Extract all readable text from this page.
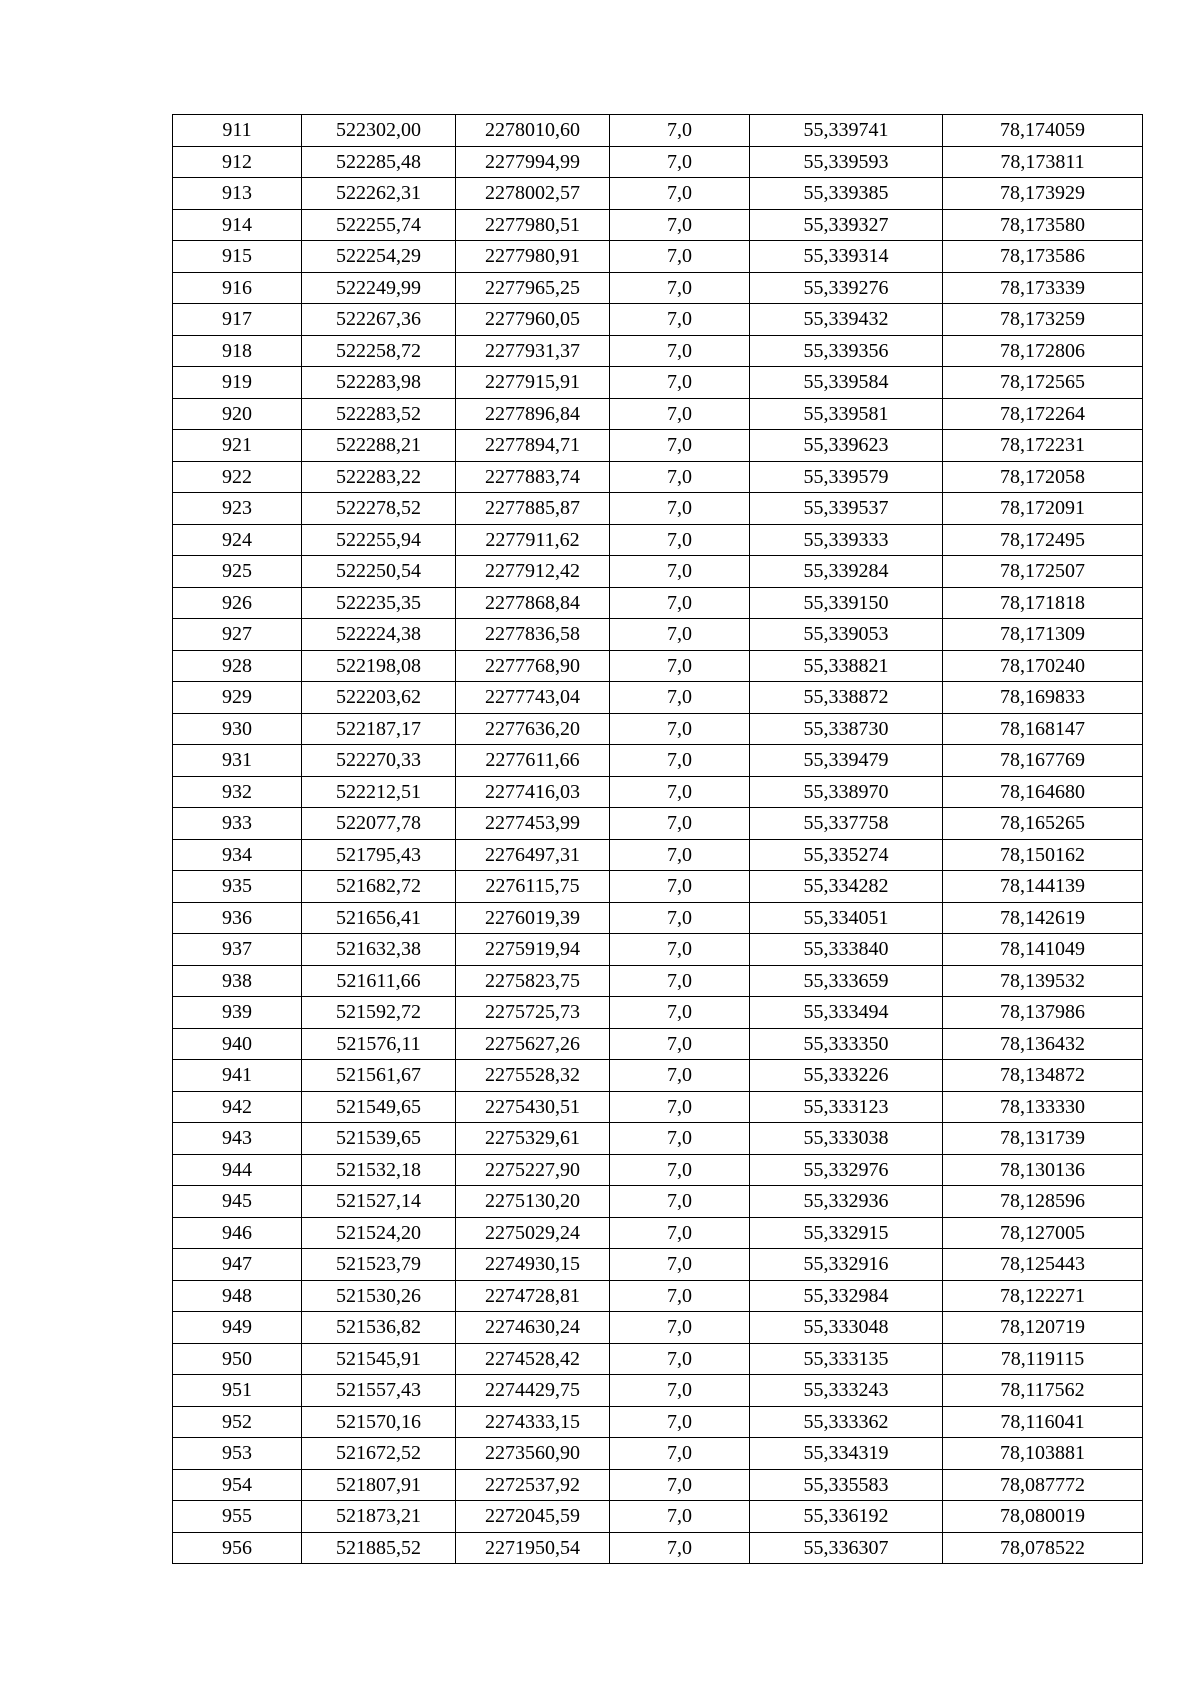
911	522302,00	2278010,60	7,0	55,339741	78,174059
912	522285,48	2277994,99	7,0	55,339593	78,173811
913	522262,31	2278002,57	7,0	55,339385	78,173929
914	522255,74	2277980,51	7,0	55,339327	78,173580
915	522254,29	2277980,91	7,0	55,339314	78,173586
916	522249,99	2277965,25	7,0	55,339276	78,173339
917	522267,36	2277960,05	7,0	55,339432	78,173259
918	522258,72	2277931,37	7,0	55,339356	78,172806
919	522283,98	2277915,91	7,0	55,339584	78,172565
920	522283,52	2277896,84	7,0	55,339581	78,172264
921	522288,21	2277894,71	7,0	55,339623	78,172231
922	522283,22	2277883,74	7,0	55,339579	78,172058
923	522278,52	2277885,87	7,0	55,339537	78,172091
924	522255,94	2277911,62	7,0	55,339333	78,172495
925	522250,54	2277912,42	7,0	55,339284	78,172507
926	522235,35	2277868,84	7,0	55,339150	78,171818
927	522224,38	2277836,58	7,0	55,339053	78,171309
928	522198,08	2277768,90	7,0	55,338821	78,170240
929	522203,62	2277743,04	7,0	55,338872	78,169833
930	522187,17	2277636,20	7,0	55,338730	78,168147
931	522270,33	2277611,66	7,0	55,339479	78,167769
932	522212,51	2277416,03	7,0	55,338970	78,164680
933	522077,78	2277453,99	7,0	55,337758	78,165265
934	521795,43	2276497,31	7,0	55,335274	78,150162
935	521682,72	2276115,75	7,0	55,334282	78,144139
936	521656,41	2276019,39	7,0	55,334051	78,142619
937	521632,38	2275919,94	7,0	55,333840	78,141049
938	521611,66	2275823,75	7,0	55,333659	78,139532
939	521592,72	2275725,73	7,0	55,333494	78,137986
940	521576,11	2275627,26	7,0	55,333350	78,136432
941	521561,67	2275528,32	7,0	55,333226	78,134872
942	521549,65	2275430,51	7,0	55,333123	78,133330
943	521539,65	2275329,61	7,0	55,333038	78,131739
944	521532,18	2275227,90	7,0	55,332976	78,130136
945	521527,14	2275130,20	7,0	55,332936	78,128596
946	521524,20	2275029,24	7,0	55,332915	78,127005
947	521523,79	2274930,15	7,0	55,332916	78,125443
948	521530,26	2274728,81	7,0	55,332984	78,122271
949	521536,82	2274630,24	7,0	55,333048	78,120719
950	521545,91	2274528,42	7,0	55,333135	78,119115
951	521557,43	2274429,75	7,0	55,333243	78,117562
952	521570,16	2274333,15	7,0	55,333362	78,116041
953	521672,52	2273560,90	7,0	55,334319	78,103881
954	521807,91	2272537,92	7,0	55,335583	78,087772
955	521873,21	2272045,59	7,0	55,336192	78,080019
956	521885,52	2271950,54	7,0	55,336307	78,078522
